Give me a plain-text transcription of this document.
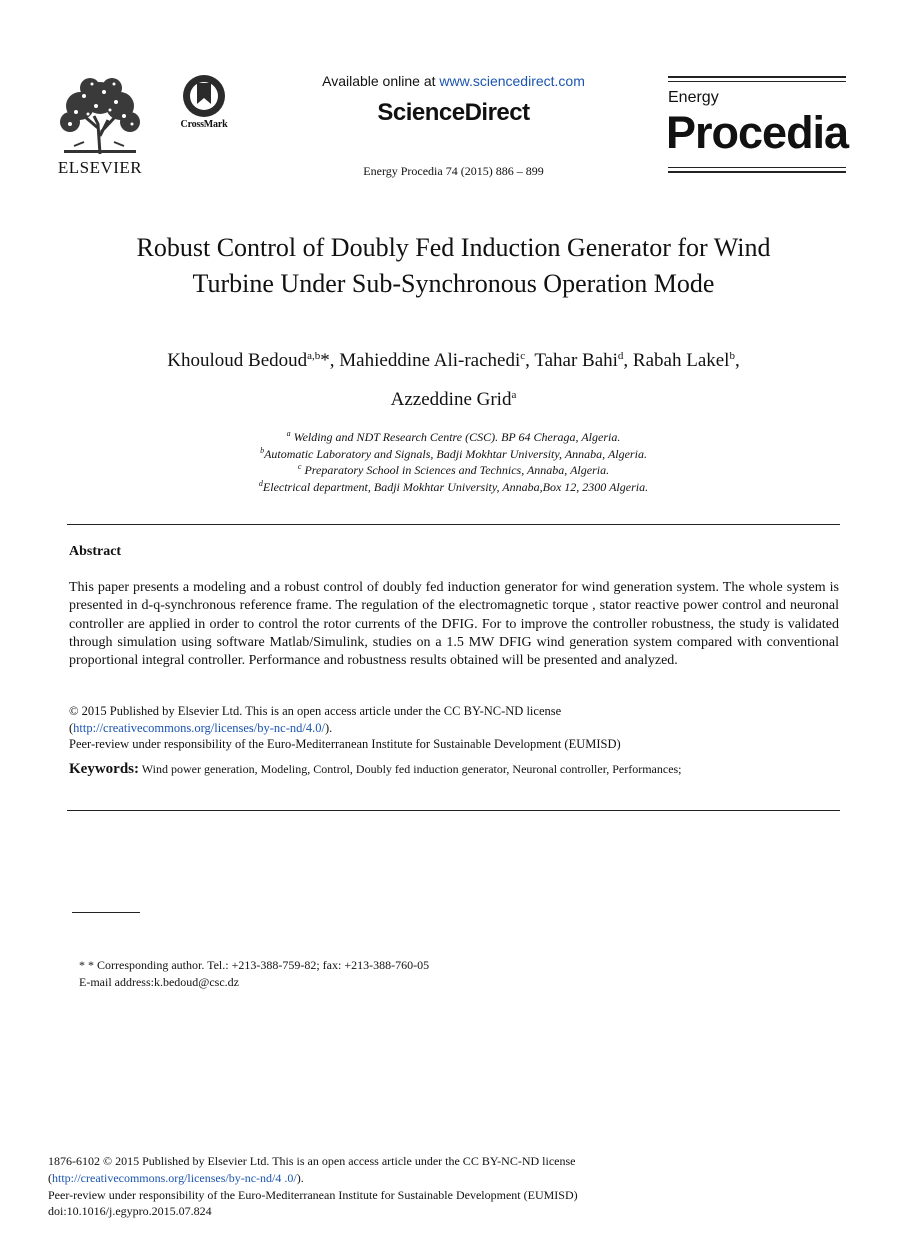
ELSEVIER
CrossMark
Available online at www.sciencedirect.com
ScienceDirect
Energy Procedia 74 (2015) 886 – 899
Energy
Procedia
Robust Control of Doubly Fed Induction Generator for Wind
Turbine Under Sub-Synchronous Operation Mode
Khouloud Bedoud$^{a,b}$*, Mahieddine Ali-rachedi$^c$, Tahar Bahi$^d$, Rabah Lakel$^b$,
Azzeddine Grid$^a$
$^a$ Welding and NDT Research Centre (CSC). BP 64 Cheraga, Algeria.
$^b$Automatic Laboratory and Signals, Badji Mokhtar University, Annaba, Algeria.
$^c$ Preparatory School in Sciences and Technics, Annaba, Algeria.
$^d$Electrical department, Badji Mokhtar University, Annaba,Box 12, 2300 Algeria.
Abstract
This paper presents a modeling and a robust control of doubly fed induction generator for wind generation system. The whole system is presented in d-q-synchronous reference frame. The regulation of the electromagnetic torque , stator reactive power control and neuronal controller are applied in order to control the rotor currents of the DFIG. For to improve the controller robustness, the study is validated through simulation using software Matlab/Simulink, studies on a 1.5 MW DFIG wind generation system compared with conventional proportional integral controller. Performance and robustness results obtained will be presented and analyzed.
© 2015 Published by Elsevier Ltd. This is an open access article under the CC BY-NC-ND license
(http://creativecommons.org/licenses/by-nc-nd/4.0/).
Peer-review under responsibility of the Euro-Mediterranean Institute for Sustainable Development (EUMISD)
Keywords: Wind power generation, Modeling, Control, Doubly fed induction generator, Neuronal controller, Performances;
* * Corresponding author. Tel.: +213-388-759-82; fax: +213-388-760-05
E-mail address:k.bedoud@csc.dz
1876-6102 © 2015 Published by Elsevier Ltd. This is an open access article under the CC BY-NC-ND license
(http://creativecommons.org/licenses/by-nc-nd/4 .0/).
Peer-review under responsibility of the Euro-Mediterranean Institute for Sustainable Development (EUMISD)
doi:10.1016/j.egypro.2015.07.824
